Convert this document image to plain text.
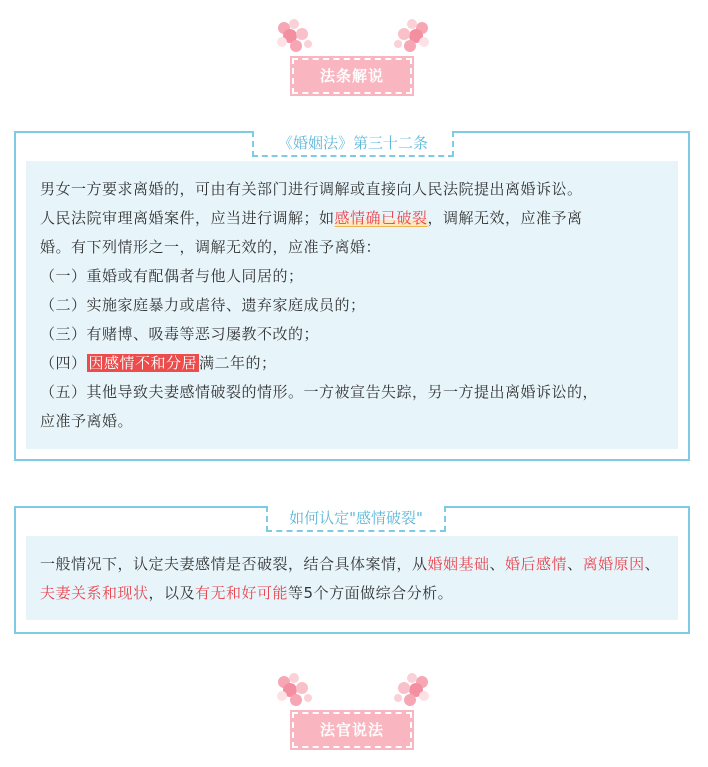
法条解说
《婚姻法》第三十二条
男女一方要求离婚的，可由有关部门进行调解或直接向人民法院提出离婚诉讼。
人民法院审理离婚案件，应当进行调解；如感情确已破裂，调解无效，应准予离
婚。有下列情形之一，调解无效的，应准予离婚：
（一）重婚或有配偶者与他人同居的；
（二）实施家庭暴力或虐待、遗弃家庭成员的；
（三）有赌博、吸毒等恶习屡教不改的；
（四） 因感情不和分居 满二年的；
（五）其他导致夫妻感情破裂的情形。一方被宣告失踪，另一方提出离婚诉讼的，
应准予离婚。
如何认定"感情破裂"
一般情况下，认定夫妻感情是否破裂，结合具体案情，从婚姻基础、婚后感情、离婚原因、夫妻关系和现状，以及有无和好可能等5个方面做综合分析。
法官说法
